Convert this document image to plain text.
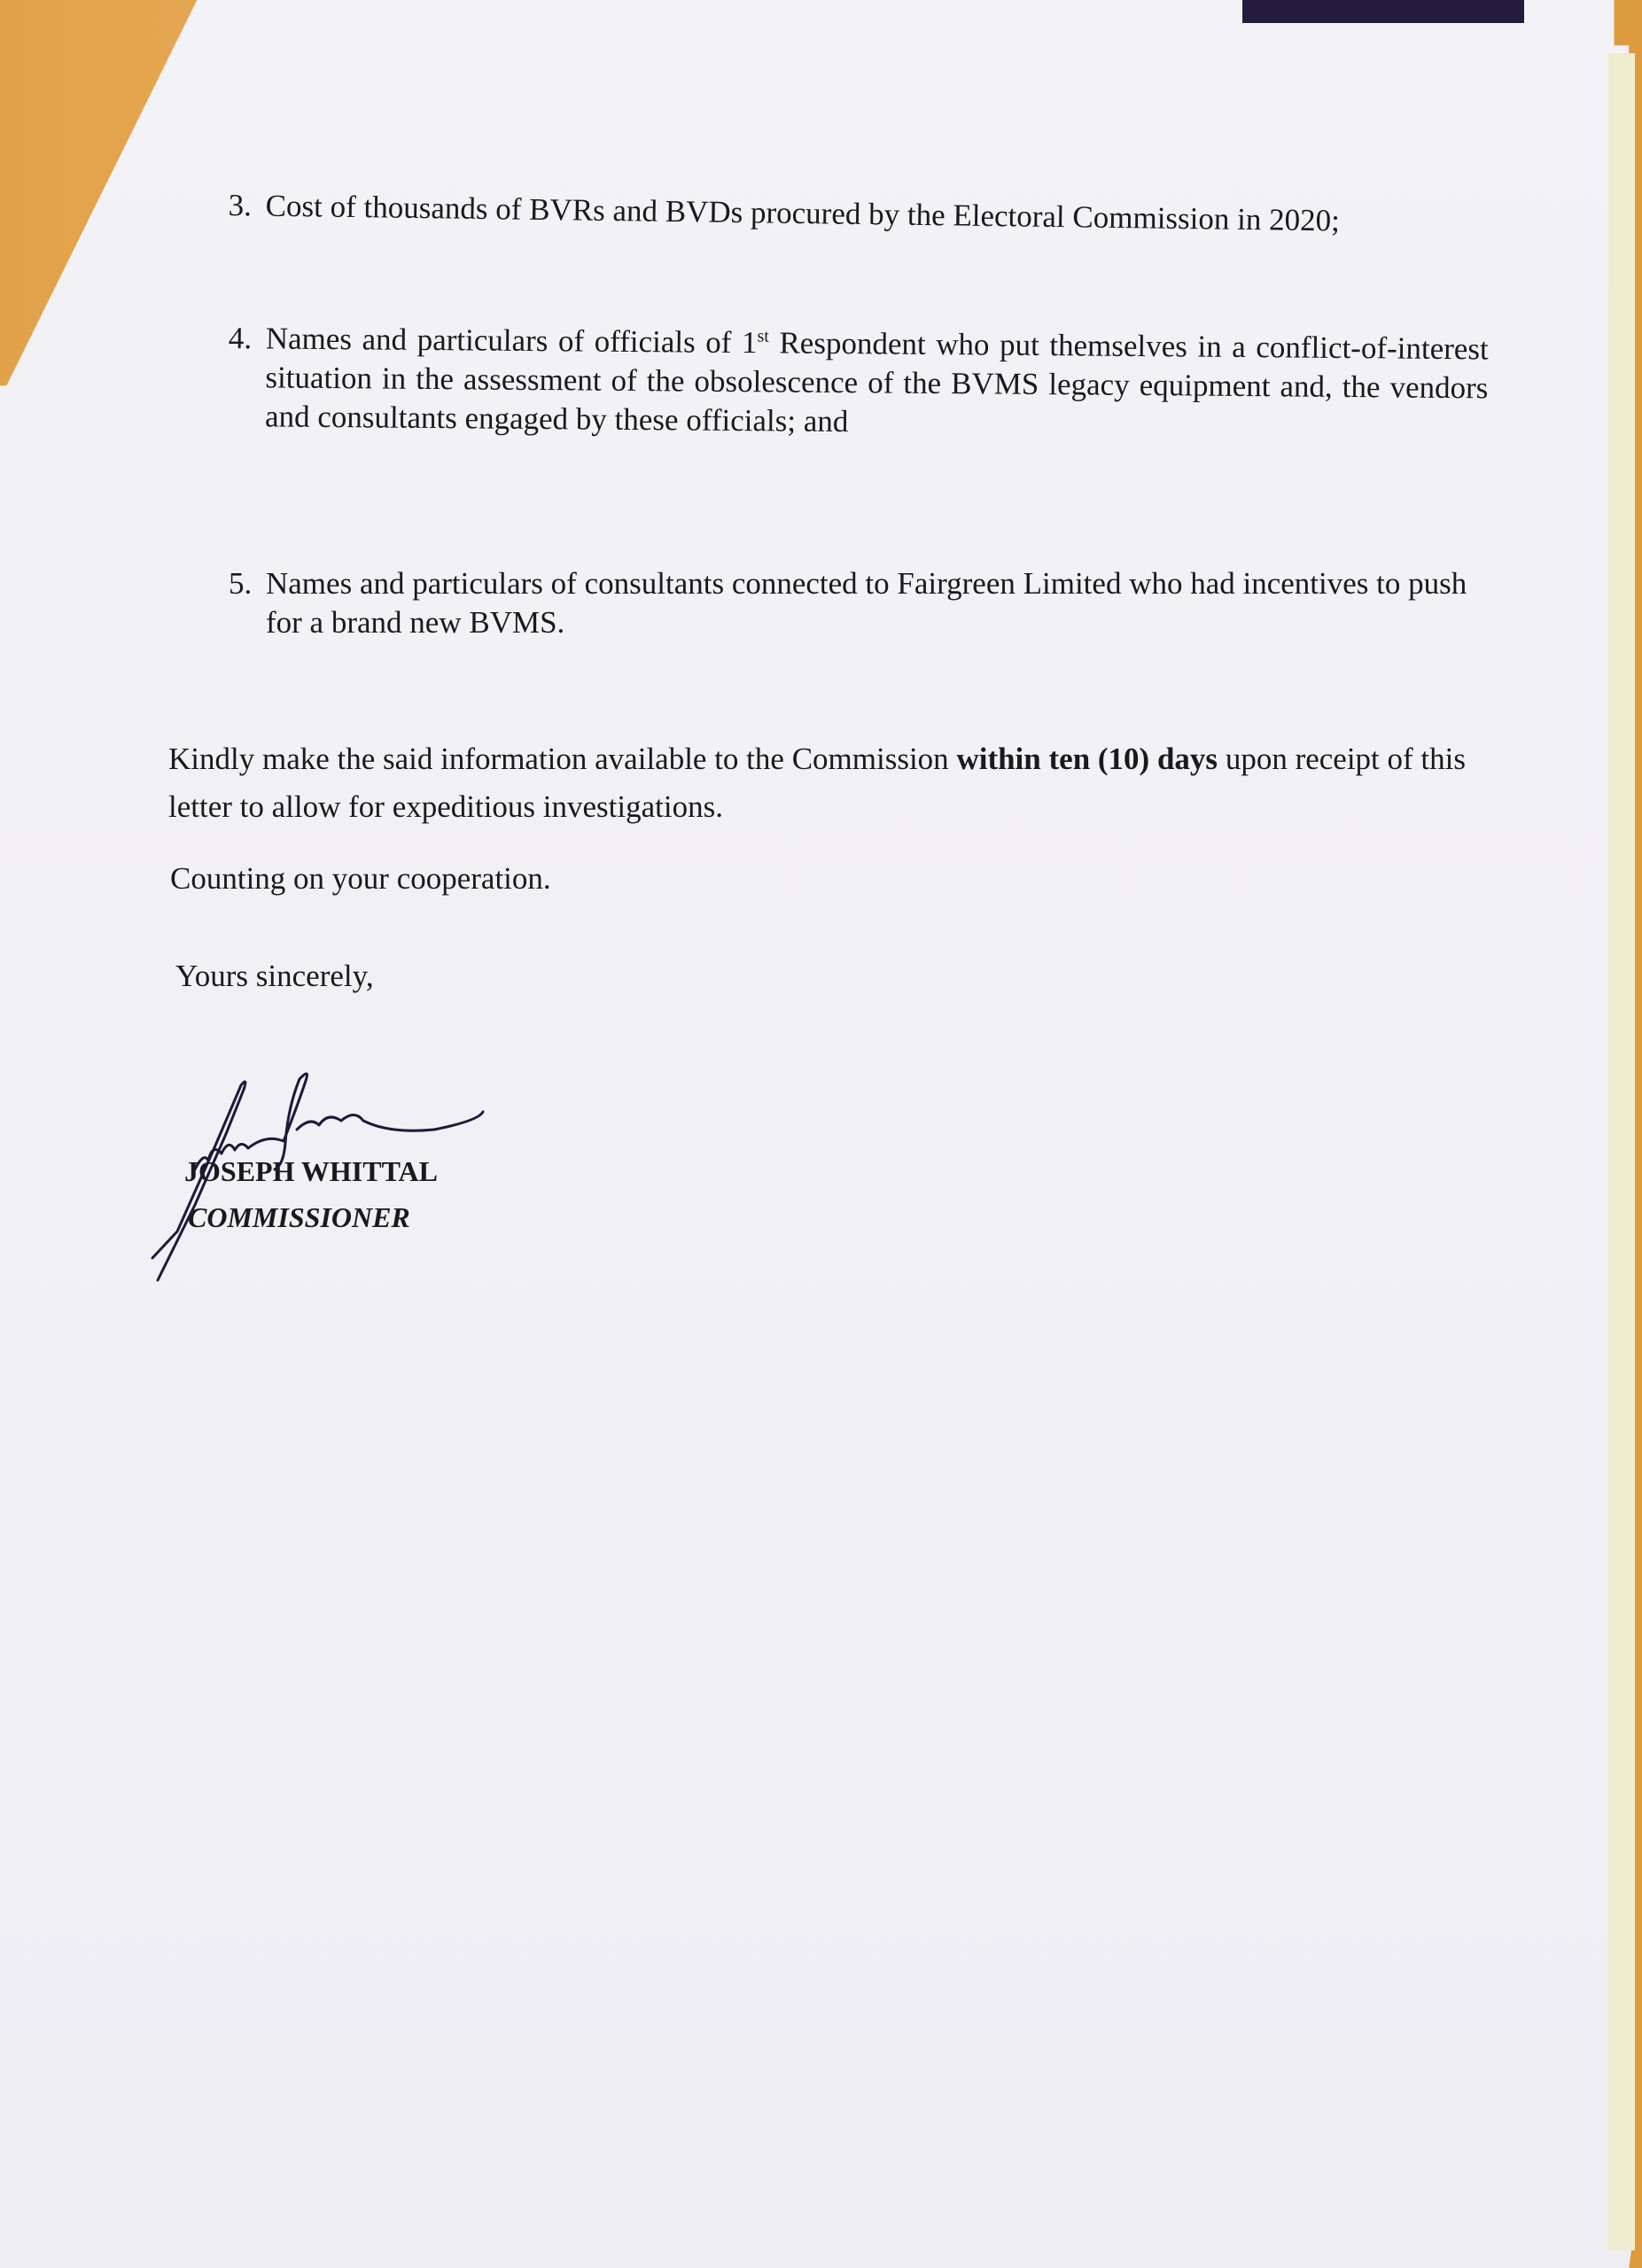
3. Cost of thousands of BVRs and BVDs procured by the Electoral Commission in 2020;
4. Names and particulars of officials of 1st Respondent who put themselves in a conflict-of-interest situation in the assessment of the obsolescence of the BVMS legacy equipment and, the vendors and consultants engaged by these officials; and
5. Names and particulars of consultants connected to Fairgreen Limited who had incentives to push for a brand new BVMS.
Kindly make the said information available to the Commission within ten (10) days upon receipt of this letter to allow for expeditious investigations.
Counting on your cooperation.
Yours sincerely,
JOSEPH WHITTAL
COMMISSIONER
